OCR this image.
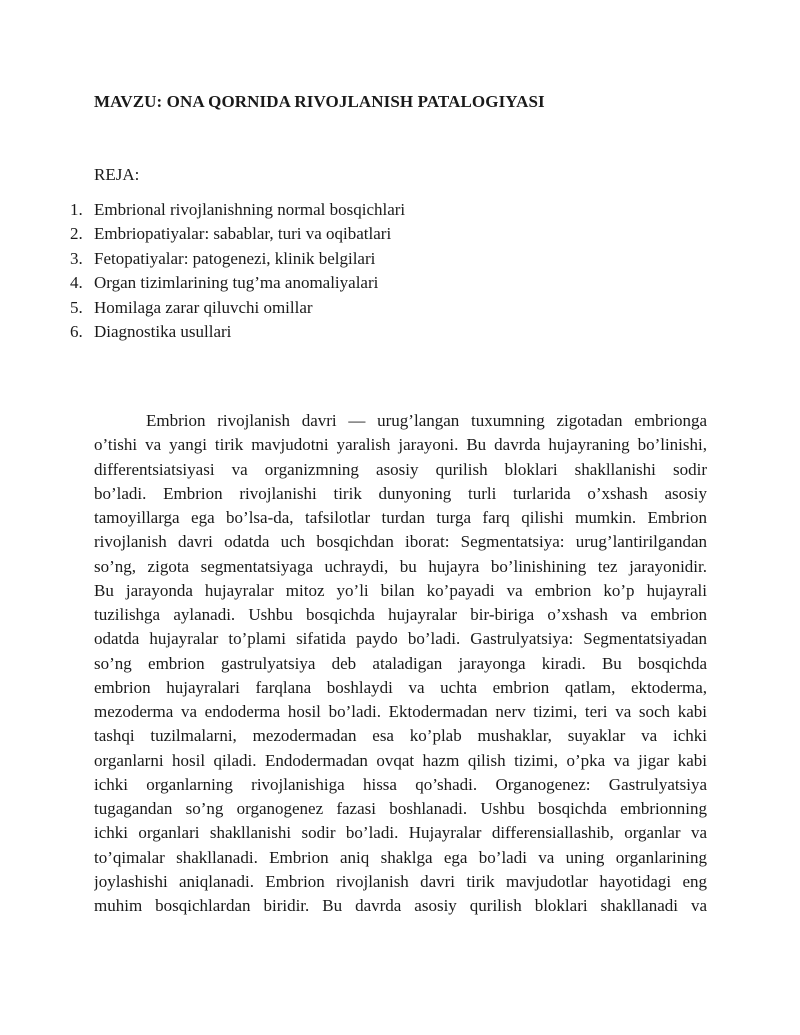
MAVZU: ONA QORNIDA RIVOJLANISH PATALOGIYASI
REJA:
1. Embrional rivojlanishning normal bosqichlari
2. Embriopatiyalar: sabablar, turi va oqibatlari
3. Fetopatiyalar: patogenezi, klinik belgilari
4. Organ tizimlarining tug’ma anomaliyalari
5. Homilaga zarar qiluvchi omillar
6. Diagnostika usullari
Embrion rivojlanish davri — urug’langan tuxumning zigotadan embrionga
o’tishi va yangi tirik mavjudotni yaralish jarayoni. Bu davrda hujayraning bo’linishi,
differentsiatsiyasi va organizmning asosiy qurilish bloklari shakllanishi sodir
bo’ladi. Embrion rivojlanishi tirik dunyoning turli turlarida o’xshash asosiy
tamoyillarga ega bo’lsa-da, tafsilotlar turdan turga farq qilishi mumkin. Embrion
rivojlanish davri odatda uch bosqichdan iborat: Segmentatsiya: urug’lantirilgandan
so’ng, zigota segmentatsiyaga uchraydi, bu hujayra bo’linishining tez jarayonidir.
Bu jarayonda hujayralar mitoz yo’li bilan ko’payadi va embrion ko’p hujayrali
tuzilishga aylanadi. Ushbu bosqichda hujayralar bir-biriga o’xshash va embrion
odatda hujayralar to’plami sifatida paydo bo’ladi. Gastrulyatsiya: Segmentatsiyadan
so’ng embrion gastrulyatsiya deb ataladigan jarayonga kiradi. Bu bosqichda
embrion hujayralari farqlana boshlaydi va uchta embrion qatlam, ektoderma,
mezoderma va endoderma hosil bo’ladi. Ektodermadan nerv tizimi, teri va soch kabi
tashqi tuzilmalarni, mezodermadan esa ko’plab mushaklar, suyaklar va ichki
organlarni hosil qiladi. Endodermadan ovqat hazm qilish tizimi, o’pka va jigar kabi
ichki organlarning rivojlanishiga hissa qo’shadi. Organogenez: Gastrulyatsiya
tugagandan so’ng organogenez fazasi boshlanadi. Ushbu bosqichda embrionning
ichki organlari shakllanishi sodir bo’ladi. Hujayralar differensiallashib, organlar va
to’qimalar shakllanadi. Embrion aniq shaklga ega bo’ladi va uning organlarining
joylashishi aniqlanadi. Embrion rivojlanish davri tirik mavjudotlar hayotidagi eng
muhim bosqichlardan biridir. Bu davrda asosiy qurilish bloklari shakllanadi va
